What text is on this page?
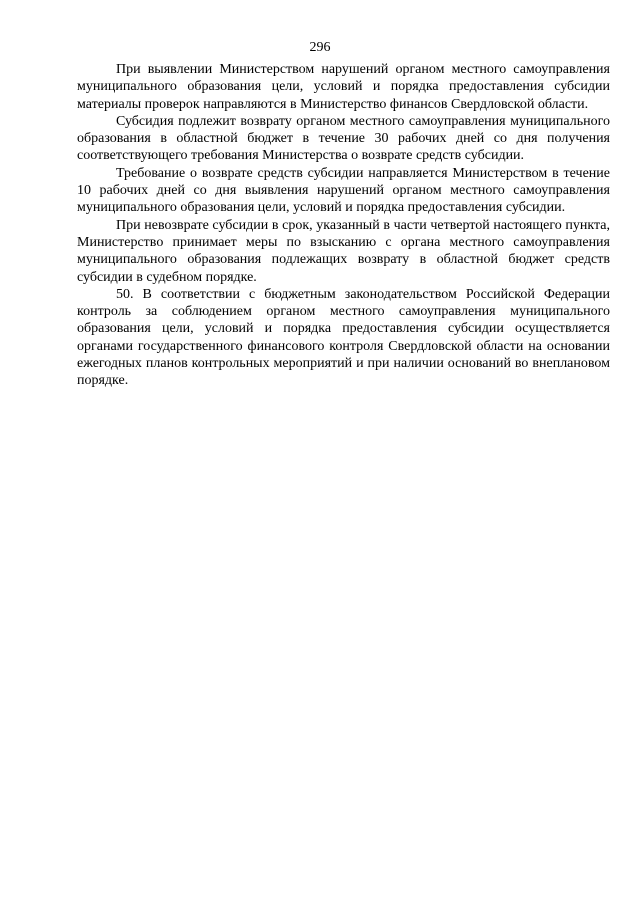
296

При выявлении Министерством нарушений органом местного самоуправления муниципального образования цели, условий и порядка предоставления субсидии материалы проверок направляются в Министерство финансов Свердловской области.

Субсидия подлежит возврату органом местного самоуправления муниципального образования в областной бюджет в течение 30 рабочих дней со дня получения соответствующего требования Министерства о возврате средств субсидии.

Требование о возврате средств субсидии направляется Министерством в течение 10 рабочих дней со дня выявления нарушений органом местного самоуправления муниципального образования цели, условий и порядка предоставления субсидии.

При невозврате субсидии в срок, указанный в части четвертой настоящего пункта, Министерство принимает меры по взысканию с органа местного самоуправления муниципального образования подлежащих возврату в областной бюджет средств субсидии в судебном порядке.

50. В соответствии с бюджетным законодательством Российской Федерации контроль за соблюдением органом местного самоуправления муниципального образования цели, условий и порядка предоставления субсидии осуществляется органами государственного финансового контроля Свердловской области на основании ежегодных планов контрольных мероприятий и при наличии оснований во внеплановом порядке.
